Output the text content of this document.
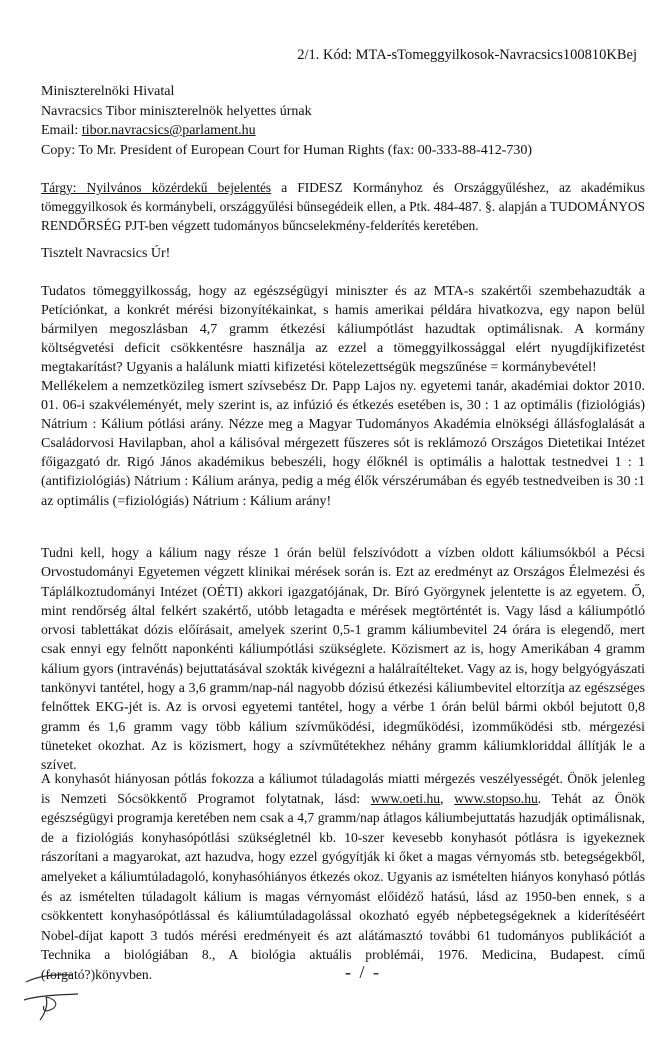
2/1. Kód: MTA-sTomeggyilkosok-Navracsics100810KBej
Miniszterelnöki Hivatal
Navracsics Tibor miniszterelnök helyettes úrnak
Email: tibor.navracsics@parlament.hu
Copy: To Mr. President of European Court for Human Rights (fax: 00-333-88-412-730)
Tárgy: Nyilvános közérdekű bejelentés a FIDESZ Kormányhoz és Országgyűléshez, az akadémikus tömeggyilkosok és kormánybeli, országgyűlési bűnsegédeik ellen, a Ptk. 484-487. §. alapján a TUDOMÁNYOS RENDŐRSÉG PJT-ben végzett tudományos bűncselekmény-felderítés keretében.
Tisztelt Navracsics Úr!
Tudatos tömeggyilkosság, hogy az egészségügyi miniszter és az MTA-s szakértői szembehazudták a Petíciónkat, a konkrét mérési bizonyítékainkat, s hamis amerikai példára hivatkozva, egy napon belül bármilyen megoszlásban 4,7 gramm étkezési káliumpótlást hazudtak optimálisnak. A kormány költségvetési deficit csökkentésre használja az ezzel a tömeggyilkossággal elért nyugdíjkifizetést megtakarítást? Ugyanis a halálunk miatti kifizetési kötelezettségük megszűnése = kormánybevétel!
Mellékelem a nemzetközileg ismert szívsebész Dr. Papp Lajos ny. egyetemi tanár, akadémiai doktor 2010. 01. 06-i szakvéleményét, mely szerint is, az infúzió és étkezés esetében is, 30 : 1 az optimális (fiziológiás) Nátrium : Kálium pótlási arány. Nézze meg a Magyar Tudományos Akadémia elnökségi állásfoglalását a Családorvosi Havilapban, ahol a kálisóval mérgezett fűszeres sót is reklámozó Országos Dietetikai Intézet főigazgató dr. Rigó János akadémikus bebeszéli, hogy élőknél is optimális a halottak testnedvei 1 : 1 (antifiziológiás) Nátrium : Kálium aránya, pedig a még élők vérszérumában és egyéb testnedveiben is 30 :1 az optimális (=fiziológiás) Nátrium : Kálium arány!
Tudni kell, hogy a kálium nagy része 1 órán belül felszívódott a vízben oldott káliumsókból a Pécsi Orvostudományi Egyetemen végzett klinikai mérések során is. Ezt az eredményt az Országos Élelmezési és Táplálkoztudományi Intézet (OÉTI) akkori igazgatójának, Dr. Bíró Györgynek jelentette is az egyetem. Ő, mint rendőrség által felkért szakértő, utóbb letagadta e mérések megtörténtét is. Vagy lásd a káliumpótló orvosi tablettákat dózis előírásait, amelyek szerint 0,5-1 gramm káliumbevitel 24 órára is elegendő, mert csak ennyi egy felnőtt naponkénti káliumpótlási szükséglete. Közismert az is, hogy Amerikában 4 gramm kálium gyors (intravénás) bejuttatásával szokták kivégezni a halálraítélteket. Vagy az is, hogy belgyógyászati tankönyvi tantétel, hogy a 3,6 gramm/nap-nál nagyobb dózisú étkezési káliumbevitel eltorzítja az egészséges felnőttek EKG-jét is. Az is orvosi egyetemi tantétel, hogy a vérbe 1 órán belül bármi okból bejutott 0,8 gramm és 1,6 gramm vagy több kálium szívműködési, idegműködési, izomműködési stb. mérgezési tüneteket okozhat. Az is közismert, hogy a szívműtétekhez néhány gramm káliumkloriddal állítják le a szívet.
A konyhasót hiányosan pótlás fokozza a káliumot túladagolás miatti mérgezés veszélyességét. Önök jelenleg is Nemzeti Sócsökkentő Programot folytatnak, lásd: www.oeti.hu, www.stopso.hu. Tehát az Önök egészségügyi programja keretében nem csak a 4,7 gramm/nap átlagos káliumbejuttatás hazudják optimálisnak, de a fiziológiás konyhasópótlási szükségletnél kb. 10-szer kevesebb konyhasót pótlásra is igyekeznek rászorítani a magyarokat, azt hazudva, hogy ezzel gyógyítják ki őket a magas vérnyomás stb. betegségekből, amelyeket a káliumtúladagoló, konyhasóhiányos étkezés okoz. Ugyanis az ismételten hiányos konyhasó pótlás és az ismételten túladagolt kálium is magas vérnyomást előidéző hatású, lásd az 1950-ben ennek, s a csökkentett konyhasópótlással és káliumtúladagolással okozható egyéb népbetegségeknek a kiderítéséért Nobel-díjat kapott 3 tudós mérési eredményeit és azt alátámasztó további 61 tudományos publikációt a Technika a biológiában 8., A biológia aktuális problémái, 1976. Medicina, Budapest. című (forgató?)könyvben.	- / -
